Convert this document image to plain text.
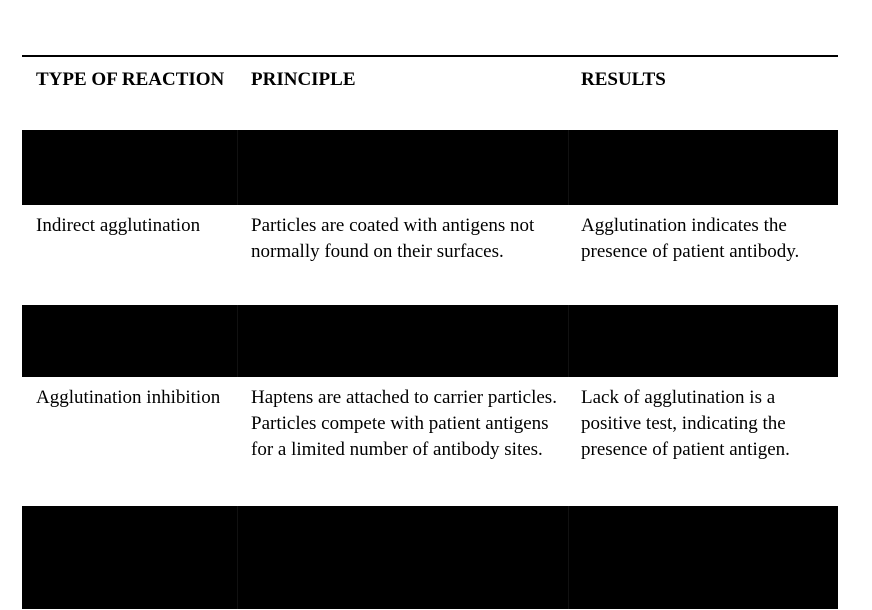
TYPE OF REACTION	PRINCIPLE	RESULTS

Indirect agglutination	Particles are coated with antigens not normally found on their surfaces.	Agglutination indicates the presence of patient antibody.

Agglutination inhibition	Haptens are attached to carrier particles. Particles compete with patient antigens for a limited number of antibody sites.	Lack of agglutination is a positive test, indicating the presence of patient antigen.
